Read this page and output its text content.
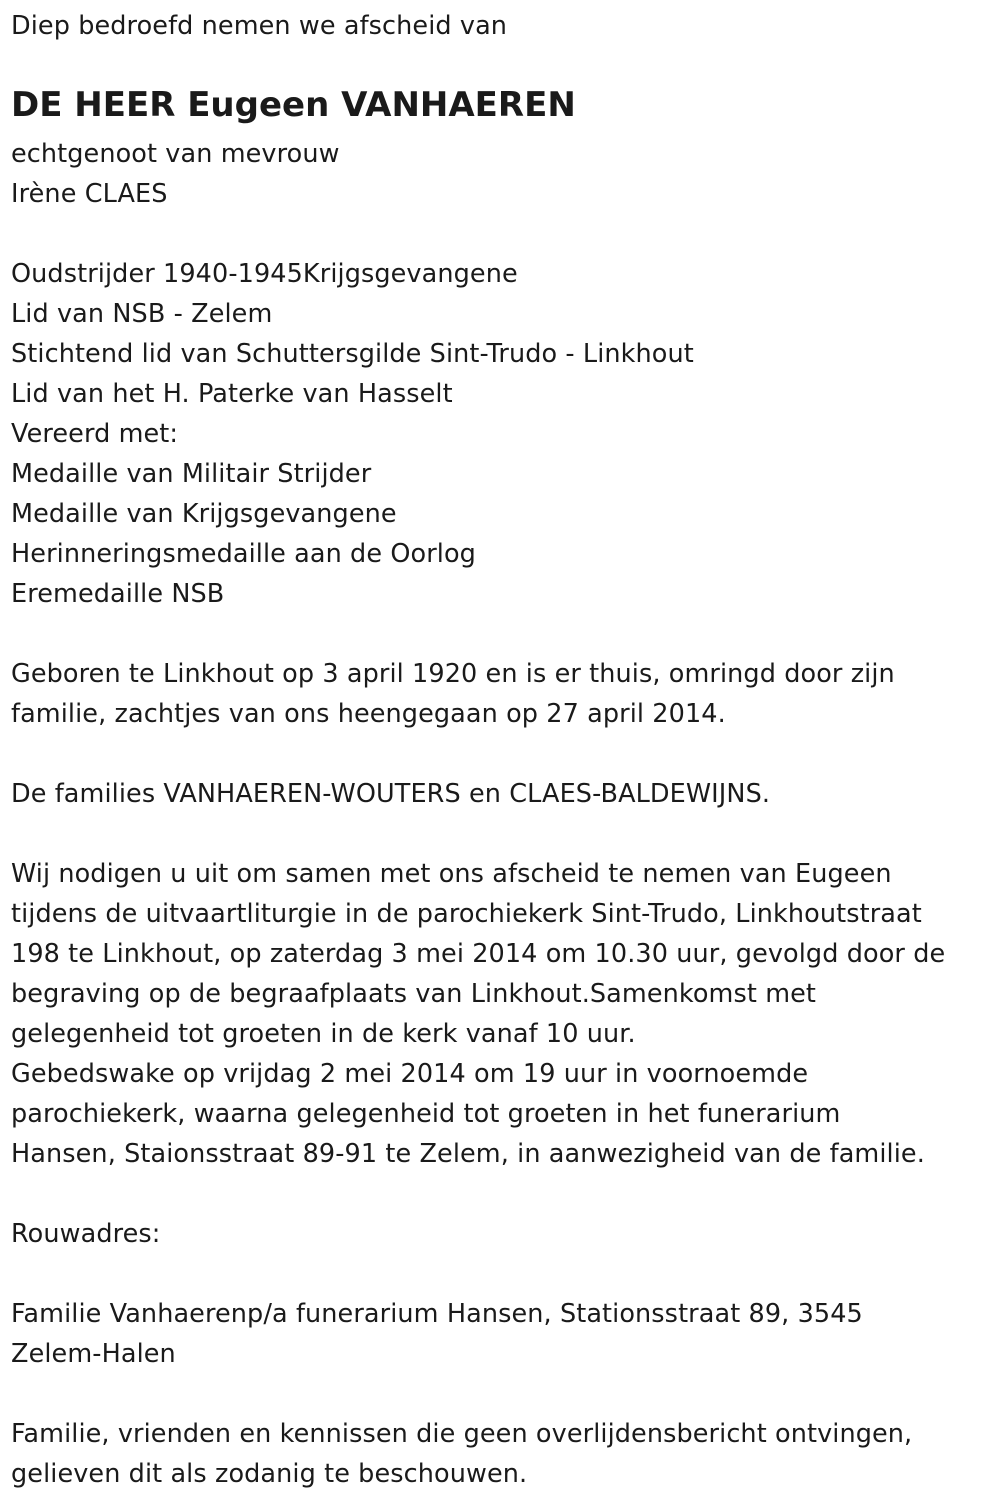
Diep bedroefd nemen we afscheid van
DE HEER Eugeen VANHAEREN
echtgenoot van mevrouw
Irène CLAES
Oudstrijder 1940-1945Krijgsgevangene
Lid van NSB - Zelem
Stichtend lid van Schuttersgilde Sint-Trudo - Linkhout
Lid van het H. Paterke van Hasselt
Vereerd met:
Medaille van Militair Strijder
Medaille van Krijgsgevangene
Herinneringsmedaille aan de Oorlog
Eremedaille NSB
Geboren te Linkhout op 3 april 1920 en is er thuis, omringd door zijn
familie, zachtjes van ons heengegaan op 27 april 2014.
De families VANHAEREN-WOUTERS en CLAES-BALDEWIJNS.
Wij nodigen u uit om samen met ons afscheid te nemen van Eugeen
tijdens de uitvaartliturgie in de parochiekerk Sint-Trudo, Linkhoutstraat
198 te Linkhout, op zaterdag 3 mei 2014 om 10.30 uur, gevolgd door de
begraving op de begraafplaats van Linkhout.Samenkomst met
gelegenheid tot groeten in de kerk vanaf 10 uur.
Gebedswake op vrijdag 2 mei 2014 om 19 uur in voornoemde
parochiekerk, waarna gelegenheid tot groeten in het funerarium
Hansen, Staionsstraat 89-91 te Zelem, in aanwezigheid van de familie.
Rouwadres:
Familie Vanhaerenp/a funerarium Hansen, Stationsstraat 89, 3545
Zelem-Halen
Familie, vrienden en kennissen die geen overlijdensbericht ontvingen,
gelieven dit als zodanig te beschouwen.
